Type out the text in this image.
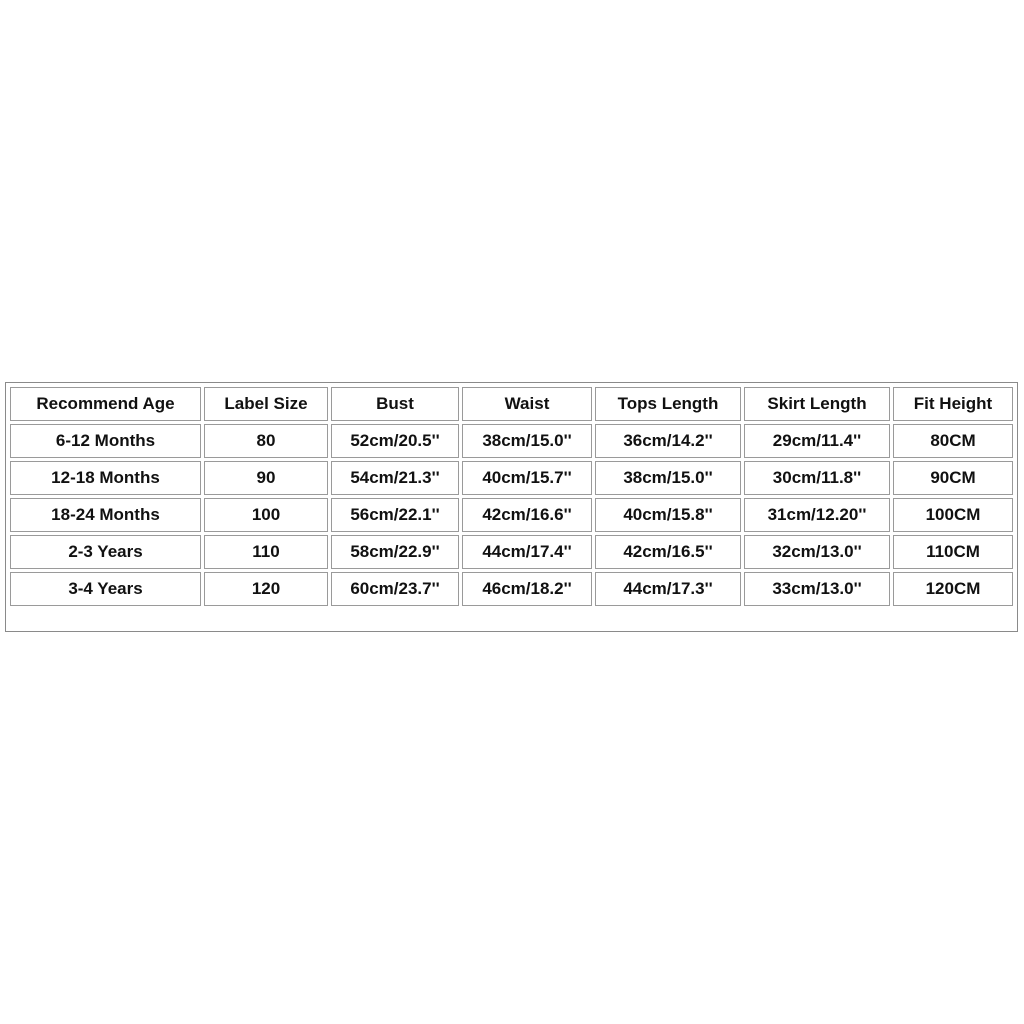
Recommend Age	Label Size	Bust	Waist	Tops Length	Skirt Length	Fit Height
6-12 Months	80	52cm/20.5''	38cm/15.0''	36cm/14.2''	29cm/11.4''	80CM
12-18 Months	90	54cm/21.3''	40cm/15.7''	38cm/15.0''	30cm/11.8''	90CM
18-24 Months	100	56cm/22.1''	42cm/16.6''	40cm/15.8''	31cm/12.20''	100CM
2-3 Years	110	58cm/22.9''	44cm/17.4''	42cm/16.5''	32cm/13.0''	110CM
3-4 Years	120	60cm/23.7''	46cm/18.2''	44cm/17.3''	33cm/13.0''	120CM
